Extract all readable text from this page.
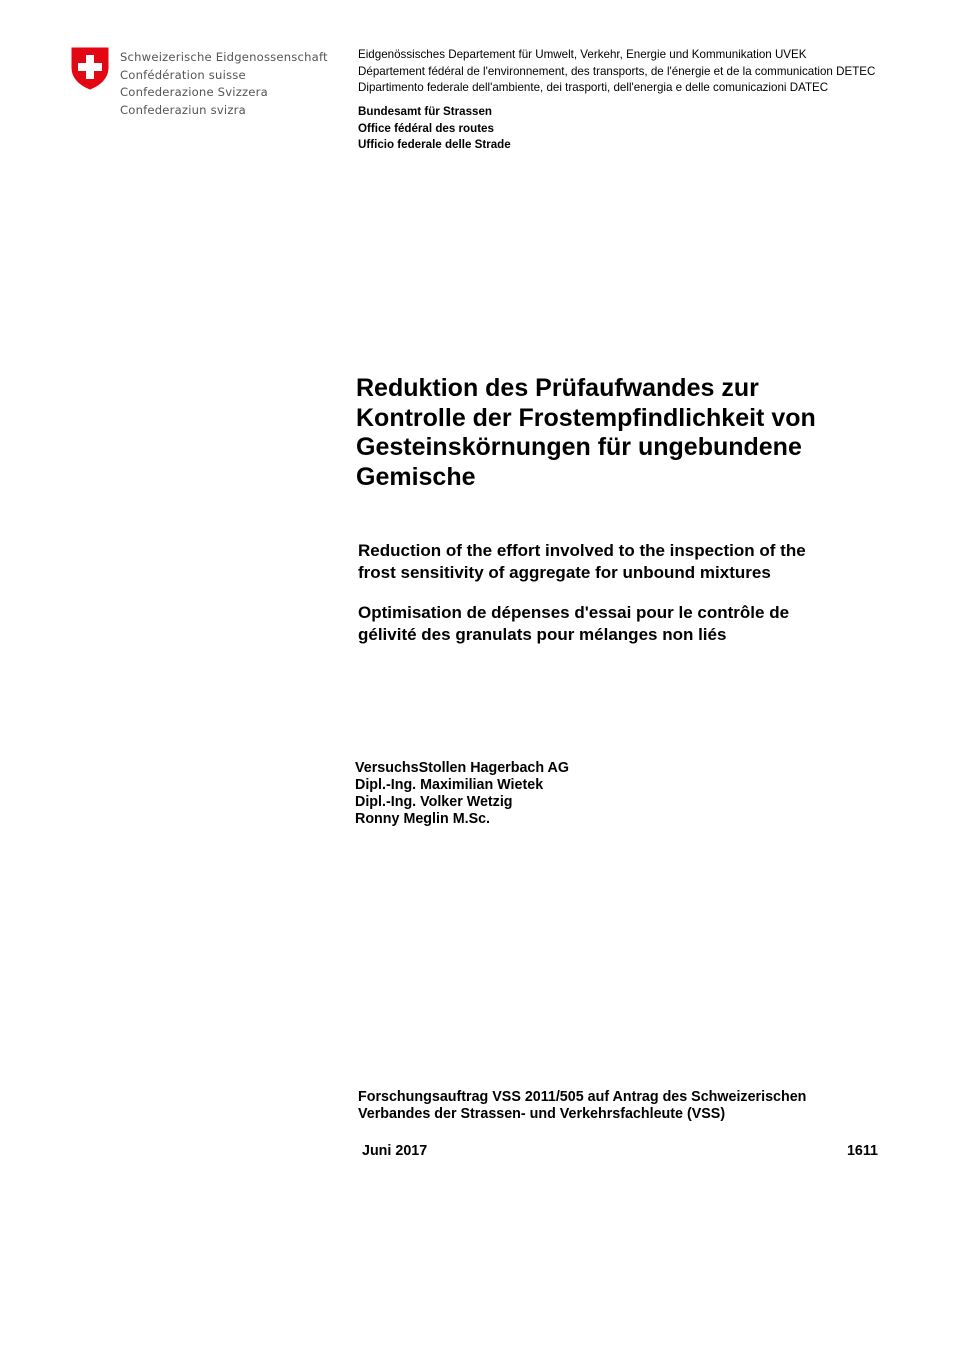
Schweizerische Eidgenossenschaft
Confédération suisse
Confederazione Svizzera
Confederaziun svizra
Eidgenössisches Departement für Umwelt, Verkehr, Energie und Kommunikation UVEK
Département fédéral de l'environnement, des transports, de l'énergie et de la communication DETEC
Dipartimento federale dell'ambiente, dei trasporti, dell'energia e delle comunicazioni DATEC
Bundesamt für Strassen
Office fédéral des routes
Ufficio federale delle Strade
Reduktion des Prüfaufwandes zur
Kontrolle der Frostempfindlichkeit von
Gesteinskörnungen für ungebundene
Gemische
Reduction of the effort involved to the inspection of the
frost sensitivity of aggregate for unbound mixtures
Optimisation de dépenses d'essai pour le contrôle de
gélivité des granulats pour mélanges non liés
VersuchsStollen Hagerbach AG
Dipl.-Ing. Maximilian Wietek
Dipl.-Ing. Volker Wetzig
Ronny Meglin M.Sc.
Forschungsauftrag VSS 2011/505 auf Antrag des Schweizerischen
Verbandes der Strassen- und Verkehrsfachleute (VSS)
Juni 2017	1611
